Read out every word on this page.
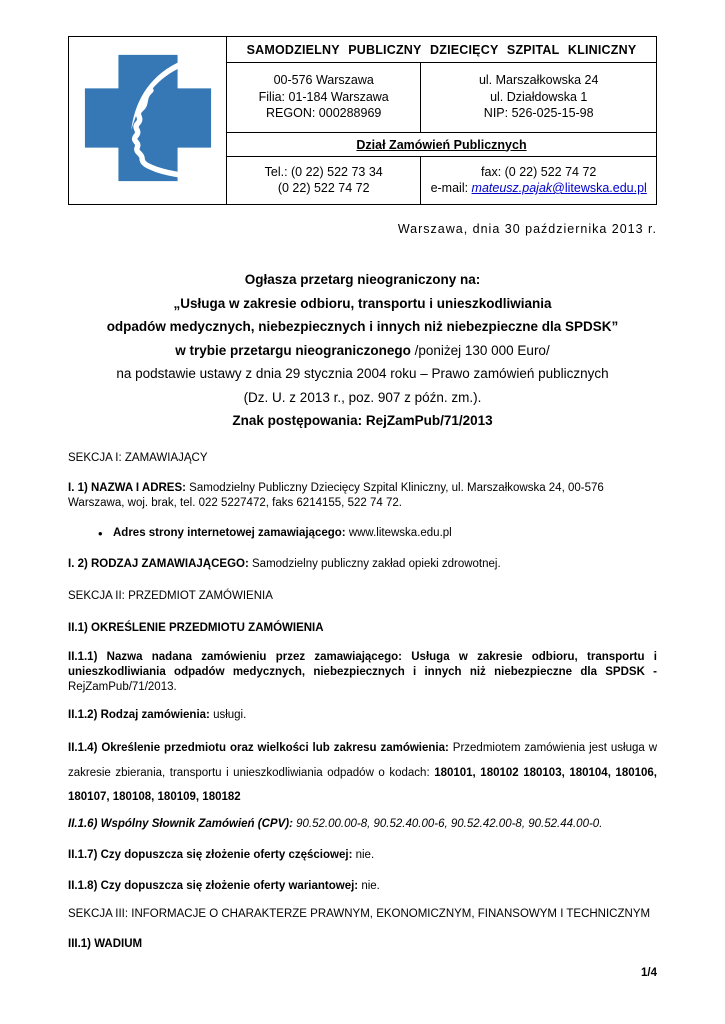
SAMODZIELNY PUBLICZNY DZIECIĘCY SZPITAL KLINICZNY
00-576 Warszawa
Filia: 01-184 Warszawa
REGON: 000288969
ul. Marszałkowska 24
ul. Działdowska 1
NIP: 526-025-15-98
Dział Zamówień Publicznych
Tel.: (0 22) 522 73 34
(0 22) 522 74 72
fax: (0 22) 522 74 72
e-mail: mateusz.pajak@litewska.edu.pl
Warszawa, dnia 30 października 2013 r.
Ogłasza przetarg nieograniczony na:
„Usługa w zakresie odbioru, transportu i unieszkodliwiania
odpadów medycznych, niebezpiecznych i innych niż niebezpieczne dla SPDSK”
w trybie przetargu nieograniczonego /poniżej 130 000 Euro/
na podstawie ustawy z dnia 29 stycznia 2004 roku – Prawo zamówień publicznych
(Dz. U. z 2013 r., poz. 907 z późn. zm.).
Znak postępowania: RejZamPub/71/2013

SEKCJA I: ZAMAWIAJĄCY

I. 1) NAZWA I ADRES: Samodzielny Publiczny Dziecięcy Szpital Kliniczny, ul. Marszałkowska 24, 00-576 Warszawa, woj. brak, tel. 022 5227472, faks 6214155, 522 74 72.

• Adres strony internetowej zamawiającego: www.litewska.edu.pl

I. 2) RODZAJ ZAMAWIAJĄCEGO: Samodzielny publiczny zakład opieki zdrowotnej.

SEKCJA II: PRZEDMIOT ZAMÓWIENIA

II.1) OKREŚLENIE PRZEDMIOTU ZAMÓWIENIA

II.1.1) Nazwa nadana zamówieniu przez zamawiającego: Usługa w zakresie odbioru, transportu i unieszkodliwiania odpadów medycznych, niebezpiecznych i innych niż niebezpieczne dla SPDSK - RejZamPub/71/2013.

II.1.2) Rodzaj zamówienia: usługi.

II.1.4) Określenie przedmiotu oraz wielkości lub zakresu zamówienia: Przedmiotem zamówienia jest usługa w zakresie zbierania, transportu i unieszkodliwiania odpadów o kodach: 180101, 180102 180103, 180104, 180106, 180107, 180108, 180109, 180182

II.1.6) Wspólny Słownik Zamówień (CPV): 90.52.00.00-8, 90.52.40.00-6, 90.52.42.00-8, 90.52.44.00-0.

II.1.7) Czy dopuszcza się złożenie oferty częściowej: nie.

II.1.8) Czy dopuszcza się złożenie oferty wariantowej: nie.

SEKCJA III: INFORMACJE O CHARAKTERZE PRAWNYM, EKONOMICZNYM, FINANSOWYM I TECHNICZNYM

III.1) WADIUM

1/4
